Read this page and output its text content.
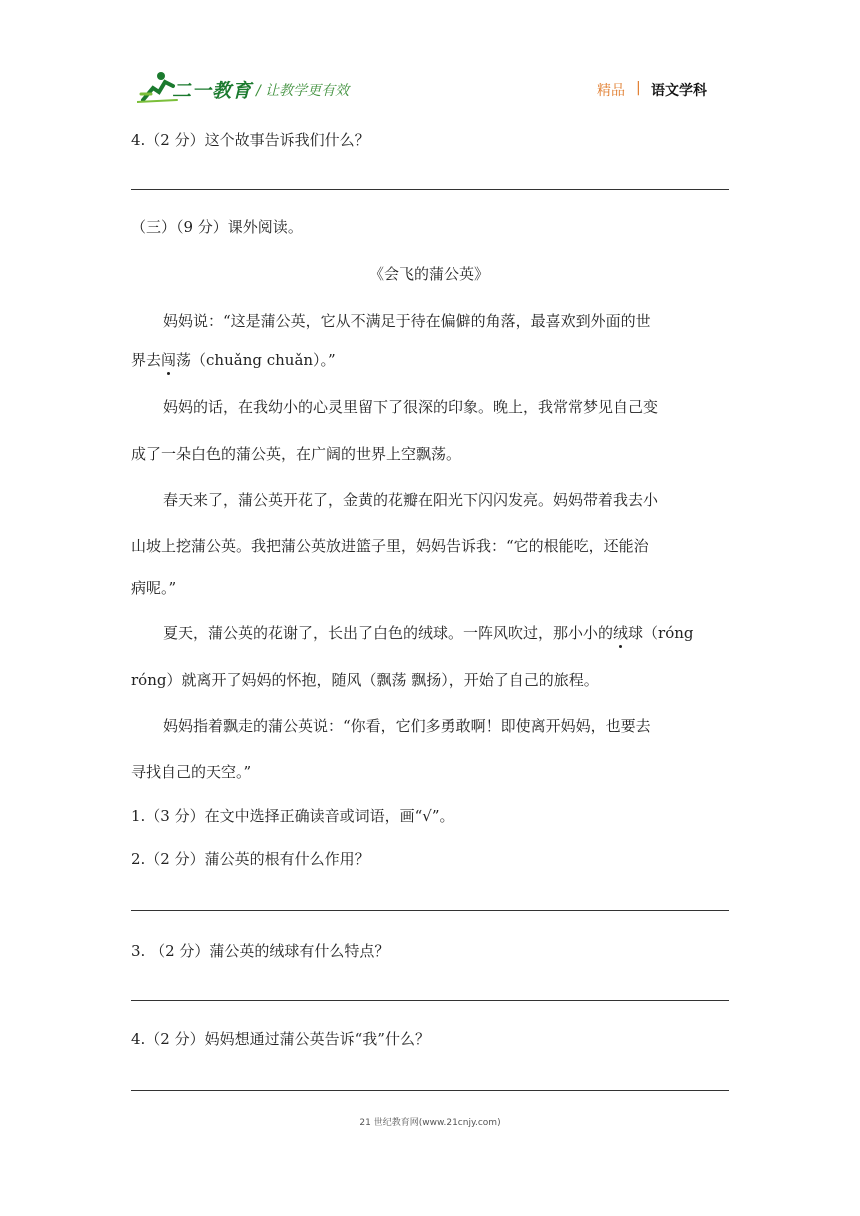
二一教育 / 让教学更有效	精品 | 语文学科
4.（2 分）这个故事告诉我们什么？
（三）（9 分）课外阅读。
《会飞的蒲公英》
妈妈说：“这是蒲公英，它从不满足于待在偏僻的角落，最喜欢到外面的世
界去闯荡（chuǎng chuǎn）。”
妈妈的话，在我幼小的心灵里留下了很深的印象。晚上，我常常梦见自己变
成了一朵白色的蒲公英，在广阔的世界上空飘荡。
春天来了，蒲公英开花了，金黄的花瓣在阳光下闪闪发亮。妈妈带着我去小
山坡上挖蒲公英。我把蒲公英放进篮子里，妈妈告诉我：“它的根能吃，还能治
病呢。”
夏天，蒲公英的花谢了，长出了白色的绒球。一阵风吹过，那小小的绒球（róng
róng）就离开了妈妈的怀抱，随风（飘荡 飘扬），开始了自己的旅程。
妈妈指着飘走的蒲公英说：“你看，它们多勇敢啊！即使离开妈妈，也要去
寻找自己的天空。”
1.（3 分）在文中选择正确读音或词语，画“√”。
2.（2 分）蒲公英的根有什么作用？
3. （2 分）蒲公英的绒球有什么特点？
4.（2 分）妈妈想通过蒲公英告诉“我”什么？
21 世纪教育网(www.21cnjy.com)
